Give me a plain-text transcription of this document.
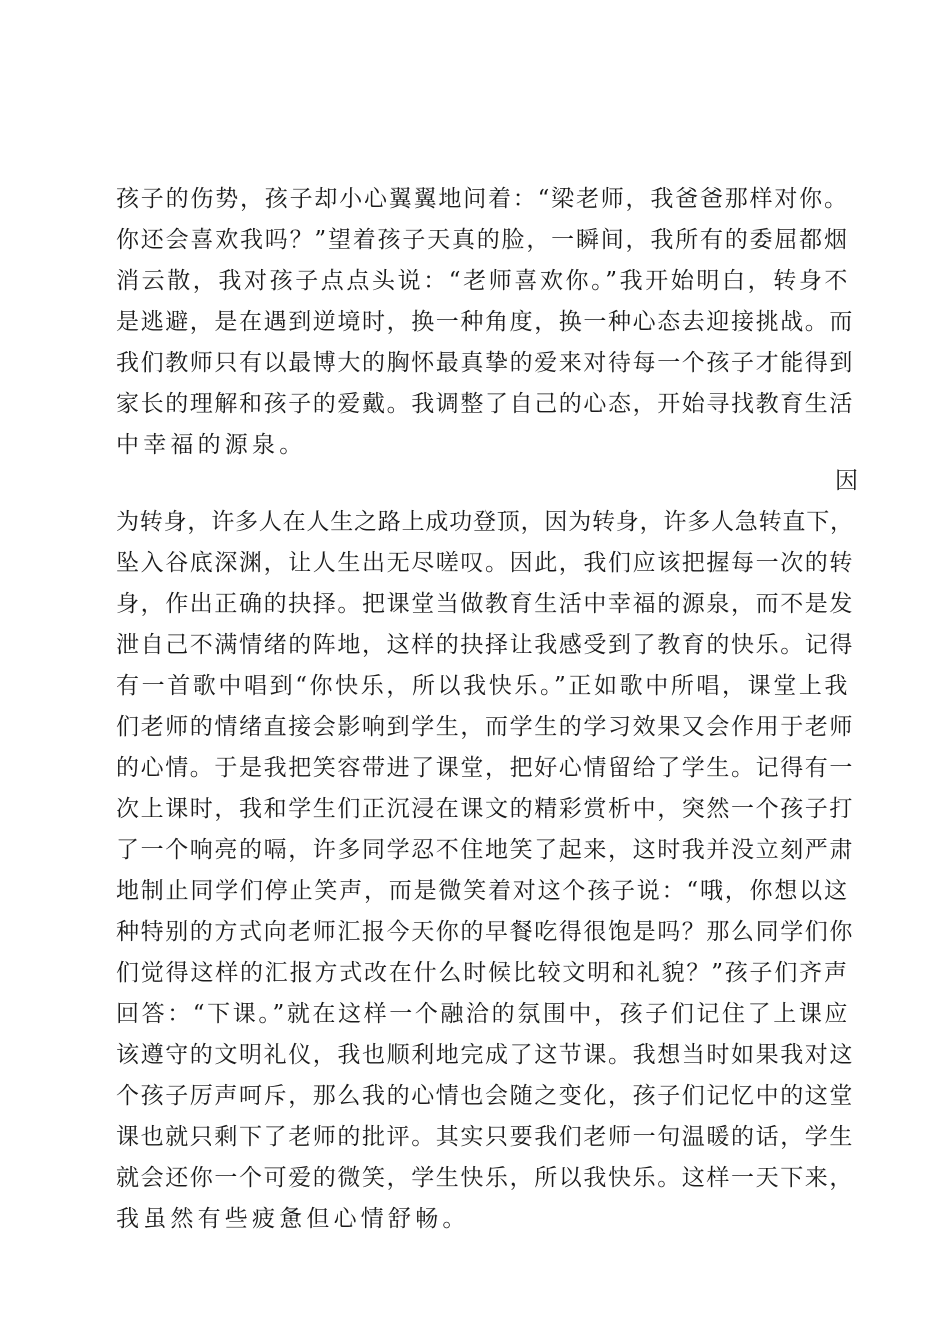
孩子的伤势，孩子却小心翼翼地问着：“梁老师，我爸爸那样对你。
你还会喜欢我吗？”望着孩子天真的脸，一瞬间，我所有的委屈都烟
消云散，我对孩子点点头说：“老师喜欢你。”我开始明白，转身不
是逃避，是在遇到逆境时，换一种角度，换一种心态去迎接挑战。而
我们教师只有以最博大的胸怀最真挚的爱来对待每一个孩子才能得到
家长的理解和孩子的爱戴。我调整了自己的心态，开始寻找教育生活
中幸福的源泉。
因
为转身，许多人在人生之路上成功登顶，因为转身，许多人急转直下，
坠入谷底深渊，让人生出无尽嗟叹。因此，我们应该把握每一次的转
身，作出正确的抉择。把课堂当做教育生活中幸福的源泉，而不是发
泄自己不满情绪的阵地，这样的抉择让我感受到了教育的快乐。记得
有一首歌中唱到“你快乐，所以我快乐。”正如歌中所唱，课堂上我
们老师的情绪直接会影响到学生，而学生的学习效果又会作用于老师
的心情。于是我把笑容带进了课堂，把好心情留给了学生。记得有一
次上课时，我和学生们正沉浸在课文的精彩赏析中，突然一个孩子打
了一个响亮的嗝，许多同学忍不住地笑了起来，这时我并没立刻严肃
地制止同学们停止笑声，而是微笑着对这个孩子说：“哦，你想以这
种特别的方式向老师汇报今天你的早餐吃得很饱是吗？那么同学们你
们觉得这样的汇报方式改在什么时候比较文明和礼貌？”孩子们齐声
回答：“下课。”就在这样一个融洽的氛围中，孩子们记住了上课应
该遵守的文明礼仪，我也顺利地完成了这节课。我想当时如果我对这
个孩子厉声呵斥，那么我的心情也会随之变化，孩子们记忆中的这堂
课也就只剩下了老师的批评。其实只要我们老师一句温暖的话，学生
就会还你一个可爱的微笑，学生快乐，所以我快乐。这样一天下来，
我虽然有些疲惫但心情舒畅。
